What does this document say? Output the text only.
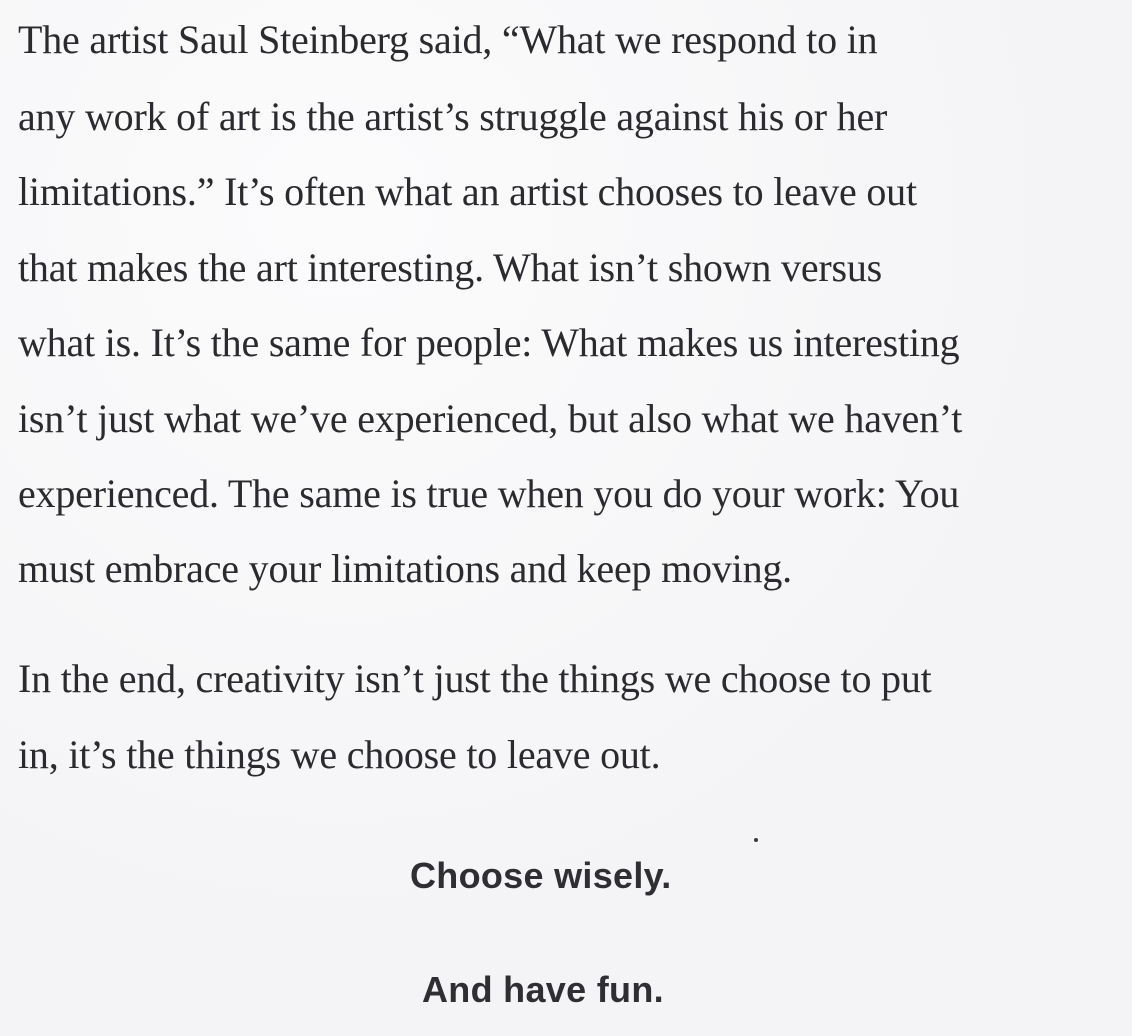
The artist Saul Steinberg said, “What we respond to in
any work of art is the artist’s struggle against his or her
limitations.” It’s often what an artist chooses to leave out
that makes the art interesting. What isn’t shown versus
what is. It’s the same for people: What makes us interesting
isn’t just what we’ve experienced, but also what we haven’t
experienced. The same is true when you do your work: You
must embrace your limitations and keep moving.
In the end, creativity isn’t just the things we choose to put
in, it’s the things we choose to leave out.
Choose wisely.
And have fun.
